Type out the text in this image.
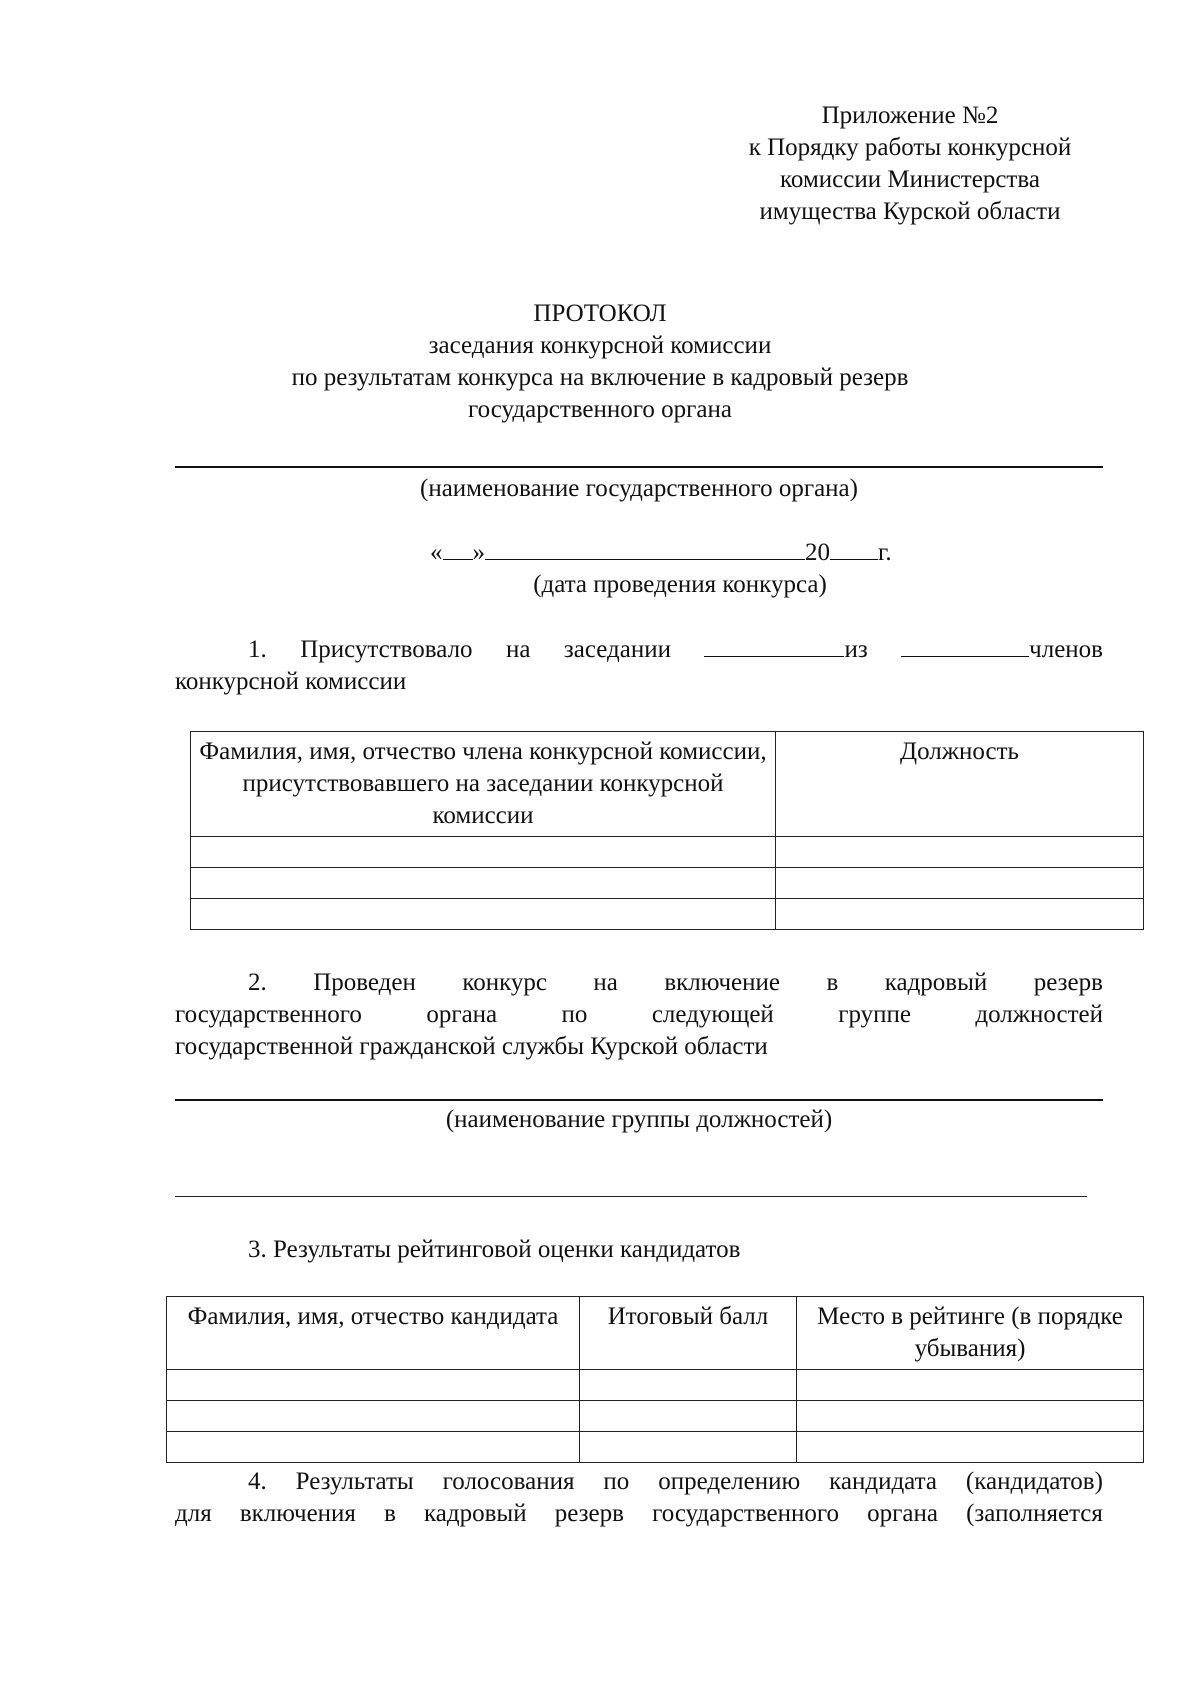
Приложение №2
к Порядку работы конкурсной
комиссии Министерства
имущества Курской области
ПРОТОКОЛ
заседания конкурсной комиссии
по результатам конкурса на включение в кадровый резерв
государственного органа
(наименование государственного органа)
« »	20 г.
(дата проведения конкурса)
1. Присутствовало на заседании	из	членов
конкурсной комиссии
Фамилия, имя, отчество члена конкурсной комиссии, присутствовавшего на заседании конкурсной комиссии	Должность

2. Проведен конкурс на включение в кадровый резерв
государственного	органа	по	следующей	группе	должностей
государственной гражданской службы Курской области
(наименование группы должностей)
3. Результаты рейтинговой оценки кандидатов
Фамилия, имя, отчество кандидата	Итоговый балл	Место в рейтинге (в порядке убывания)

4. Результаты голосования по определению кандидата (кандидатов)
для включения в кадровый резерв государственного органа (заполняется
